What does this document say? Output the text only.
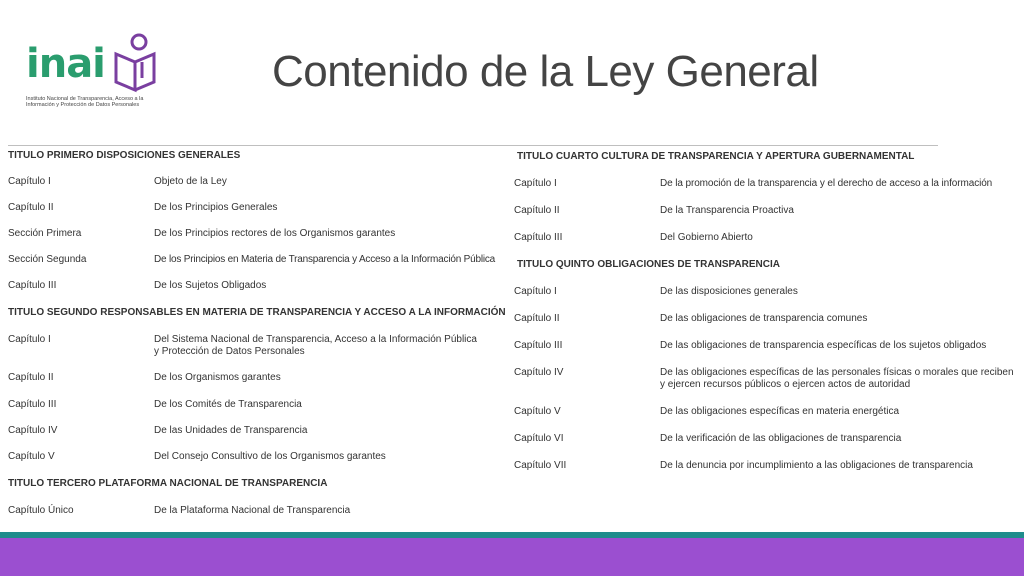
inai
Instituto Nacional de Transparencia, Acceso a la
Información y Protección de Datos Personales
Contenido de la Ley General
TITULO PRIMERO DISPOSICIONES GENERALES
Capítulo I	Objeto de la Ley
Capítulo II	De los Principios Generales
Sección Primera	De los Principios rectores de los Organismos garantes
Sección Segunda	De los Principios en Materia de Transparencia y Acceso a la Información Pública
Capítulo III	De los Sujetos Obligados
TITULO SEGUNDO RESPONSABLES EN MATERIA DE TRANSPARENCIA Y ACCESO A LA INFORMACIÓN
Capítulo I	Del Sistema Nacional de Transparencia, Acceso a la Información Pública y Protección de Datos Personales
Capítulo II	De los Organismos garantes
Capítulo III	De los Comités de Transparencia
Capítulo IV	De las Unidades de Transparencia
Capítulo V	Del Consejo Consultivo de los Organismos garantes
TITULO TERCERO PLATAFORMA NACIONAL DE TRANSPARENCIA
Capítulo Único	De la Plataforma Nacional de Transparencia
TITULO CUARTO CULTURA DE TRANSPARENCIA Y APERTURA GUBERNAMENTAL
Capítulo I	De la promoción de la transparencia y el derecho de acceso a la información
Capítulo II	De la Transparencia Proactiva
Capítulo III	Del Gobierno Abierto
TITULO QUINTO OBLIGACIONES DE TRANSPARENCIA
Capítulo I	De las disposiciones generales
Capítulo II	De las obligaciones de transparencia comunes
Capítulo III	De las obligaciones de transparencia específicas de los sujetos obligados
Capítulo IV	De las obligaciones específicas de las personales físicas o morales que reciben y ejercen recursos públicos o ejercen actos de autoridad
Capítulo V	De las obligaciones específicas en materia energética
Capítulo VI	De la verificación de las obligaciones de transparencia
Capítulo VII	De la denuncia por incumplimiento a las obligaciones de transparencia
